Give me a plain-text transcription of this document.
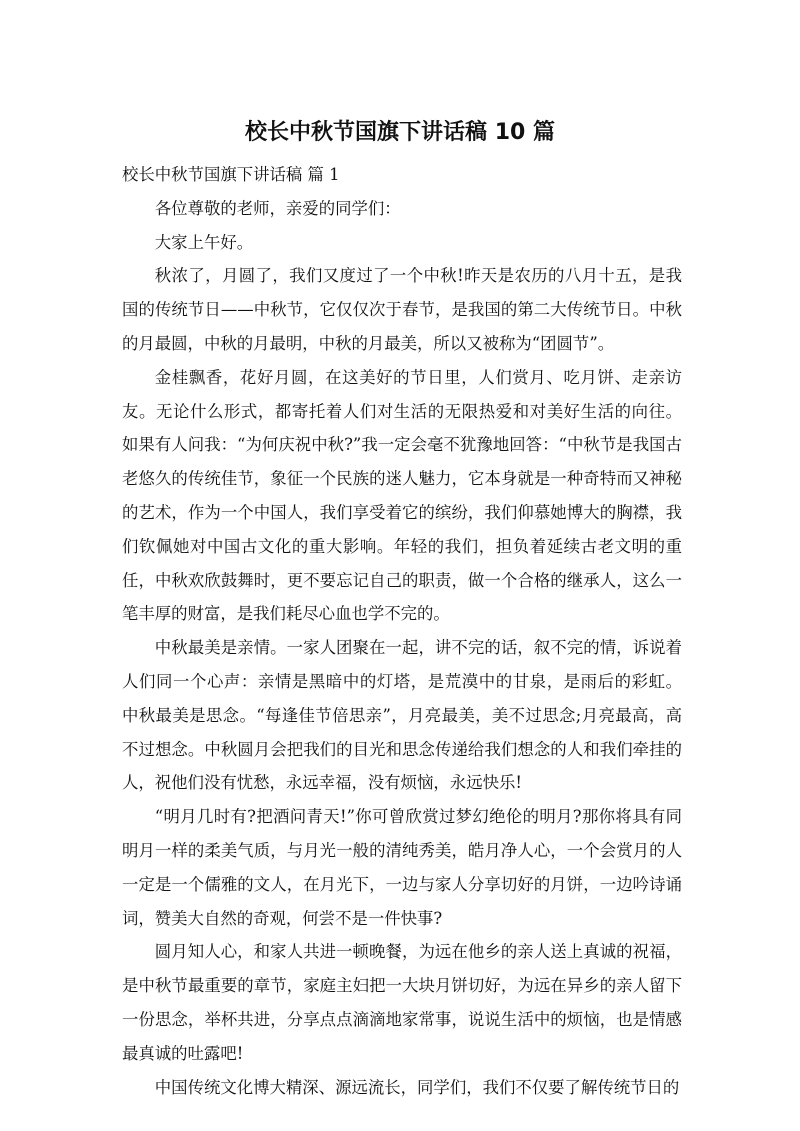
校长中秋节国旗下讲话稿 10 篇

校长中秋节国旗下讲话稿 篇 1

各位尊敬的老师，亲爱的同学们：

大家上午好。

秋浓了，月圆了，我们又度过了一个中秋!昨天是农历的八月十五，是我国的传统节日——中秋节，它仅仅次于春节，是我国的第二大传统节日。中秋的月最圆，中秋的月最明，中秋的月最美，所以又被称为“团圆节”。

金桂飘香，花好月圆，在这美好的节日里，人们赏月、吃月饼、走亲访友。无论什么形式，都寄托着人们对生活的无限热爱和对美好生活的向往。 如果有人问我：“为何庆祝中秋?”我一定会毫不犹豫地回答：“中秋节是我国古老悠久的传统佳节，象征一个民族的迷人魅力，它本身就是一种奇特而又神秘的艺术，作为一个中国人，我们享受着它的缤纷，我们仰慕她博大的胸襟，我们钦佩她对中国古文化的重大影响。年轻的我们，担负着延续古老文明的重任，中秋欢欣鼓舞时，更不要忘记自己的职责，做一个合格的继承人，这么一笔丰厚的财富，是我们耗尽心血也学不完的。

中秋最美是亲情。一家人团聚在一起，讲不完的话，叙不完的情，诉说着人们同一个心声：亲情是黑暗中的灯塔，是荒漠中的甘泉，是雨后的彩虹。 中秋最美是思念。“每逢佳节倍思亲”，月亮最美，美不过思念;月亮最高，高不过想念。中秋圆月会把我们的目光和思念传递给我们想念的人和我们牵挂的人，祝他们没有忧愁，永远幸福，没有烦恼，永远快乐!

“明月几时有?把酒问青天!”你可曾欣赏过梦幻绝伦的明月?那你将具有同明月一样的柔美气质，与月光一般的清纯秀美，皓月净人心，一个会赏月的人一定是一个儒雅的文人，在月光下，一边与家人分享切好的月饼，一边吟诗诵词，赞美大自然的奇观，何尝不是一件快事?

圆月知人心，和家人共进一顿晚餐，为远在他乡的亲人送上真诚的祝福，是中秋节最重要的章节，家庭主妇把一大块月饼切好，为远在异乡的亲人留下一份思念，举杯共进，分享点点滴滴地家常事，说说生活中的烦恼，也是情感最真诚的吐露吧!

中国传统文化博大精深、源远流长，同学们，我们不仅要了解传统节日的
